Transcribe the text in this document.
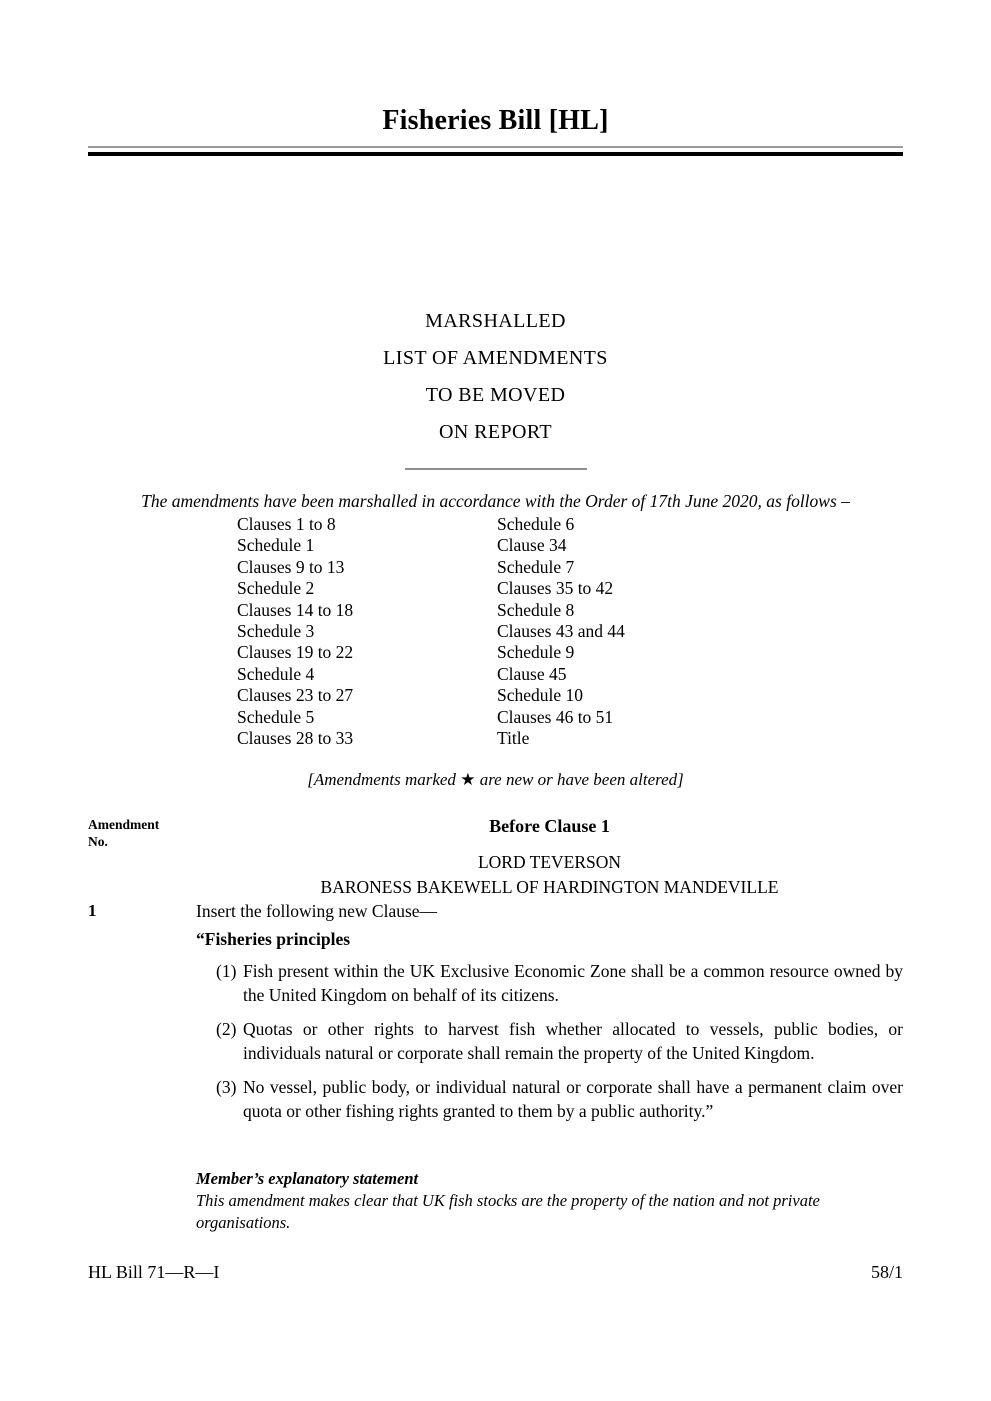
Fisheries Bill [HL]
MARSHALLED
LIST OF AMENDMENTS
TO BE MOVED
ON REPORT
The amendments have been marshalled in accordance with the Order of 17th June 2020, as follows –
Clauses 1 to 8
Schedule 1
Clauses 9 to 13
Schedule 2
Clauses 14 to 18
Schedule 3
Clauses 19 to 22
Schedule 4
Clauses 23 to 27
Schedule 5
Clauses 28 to 33
Schedule 6
Clause 34
Schedule 7
Clauses 35 to 42
Schedule 8
Clauses 43 and 44
Schedule 9
Clause 45
Schedule 10
Clauses 46 to 51
Title
[Amendments marked ★ are new or have been altered]
Amendment
No.
Before Clause 1
LORD TEVERSON
BARONESS BAKEWELL OF HARDINGTON MANDEVILLE
1	Insert the following new Clause—
“Fisheries principles
(1) Fish present within the UK Exclusive Economic Zone shall be a common resource owned by the United Kingdom on behalf of its citizens.
(2) Quotas or other rights to harvest fish whether allocated to vessels, public bodies, or individuals natural or corporate shall remain the property of the United Kingdom.
(3) No vessel, public body, or individual natural or corporate shall have a permanent claim over quota or other fishing rights granted to them by a public authority.”
Member’s explanatory statement
This amendment makes clear that UK fish stocks are the property of the nation and not private organisations.
HL Bill 71—R—I	58/1
